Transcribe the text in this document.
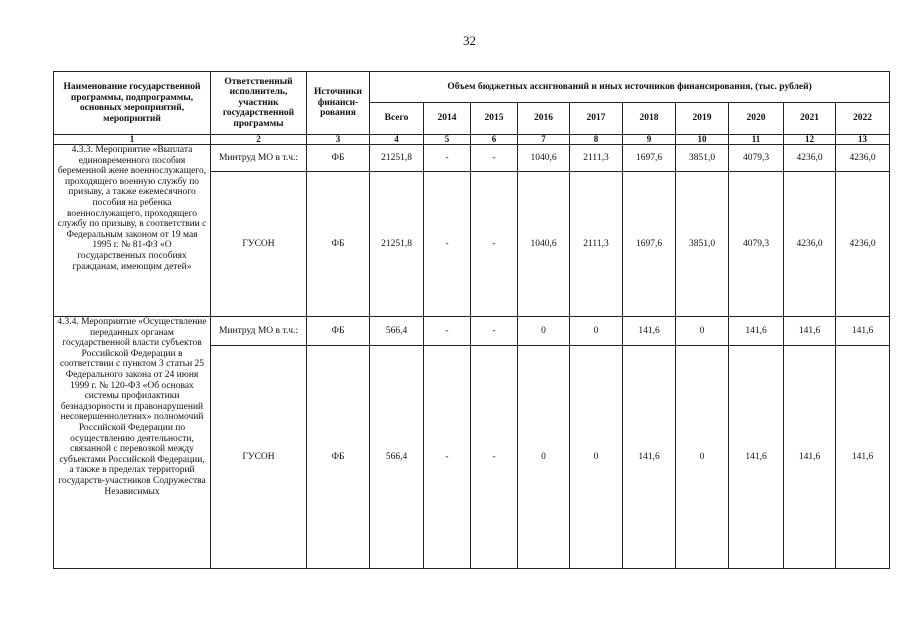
32
Наименование государственной программы, подпрограммы, основных мероприятий, мероприятий	Ответственный исполнитель, участник государственной программы	Источники финанси-рования	Объем бюджетных ассигнований и иных источников финансирования, (тыс. рублей)									
			Всего	2014	2015	2016	2017	2018	2019	2020	2021	2022
1	2	3	4	5	6	7	8	9	10	11	12	13
4.3.3. Мероприятие «Выплата единовременного пособия беременной жене военнослужащего, проходящего военную службу по призыву, а также ежемесячного пособия на ребенка военнослужащего, проходящего службу по призыву, в соответствии с Федеральным законом от 19 мая 1995 г. № 81-ФЗ «О государственных пособиях гражданам, имеющим детей»	Минтруд МО в т.ч.:	ФБ	21251,8	-	-	1040,6	2111,3	1697,6	3851,0	4079,3	4236,0	4236,0
	ГУСОН	ФБ	21251,8	-	-	1040,6	2111,3	1697,6	3851,0	4079,3	4236,0	4236,0
4.3.4. Мероприятие «Осуществление переданных органам государственной власти субъектов Российской Федерации в соответствии с пунктом 3 статьи 25 Федерального закона от 24 июня 1999 г. № 120-ФЗ «Об основах системы профилактики безнадзорности и правонарушений несовершеннолетних» полномочий Российской Федерации по осуществлению деятельности, связанной с перевозкой между субъектами Российской Федерации, а также в пределах территорий государств-участников Содружества Независимых	Минтруд МО в т.ч.:	ФБ	566,4	-	-	0	0	141,6	0	141,6	141,6	141,6
	ГУСОН	ФБ	566,4	-	-	0	0	141,6	0	141,6	141,6	141,6
